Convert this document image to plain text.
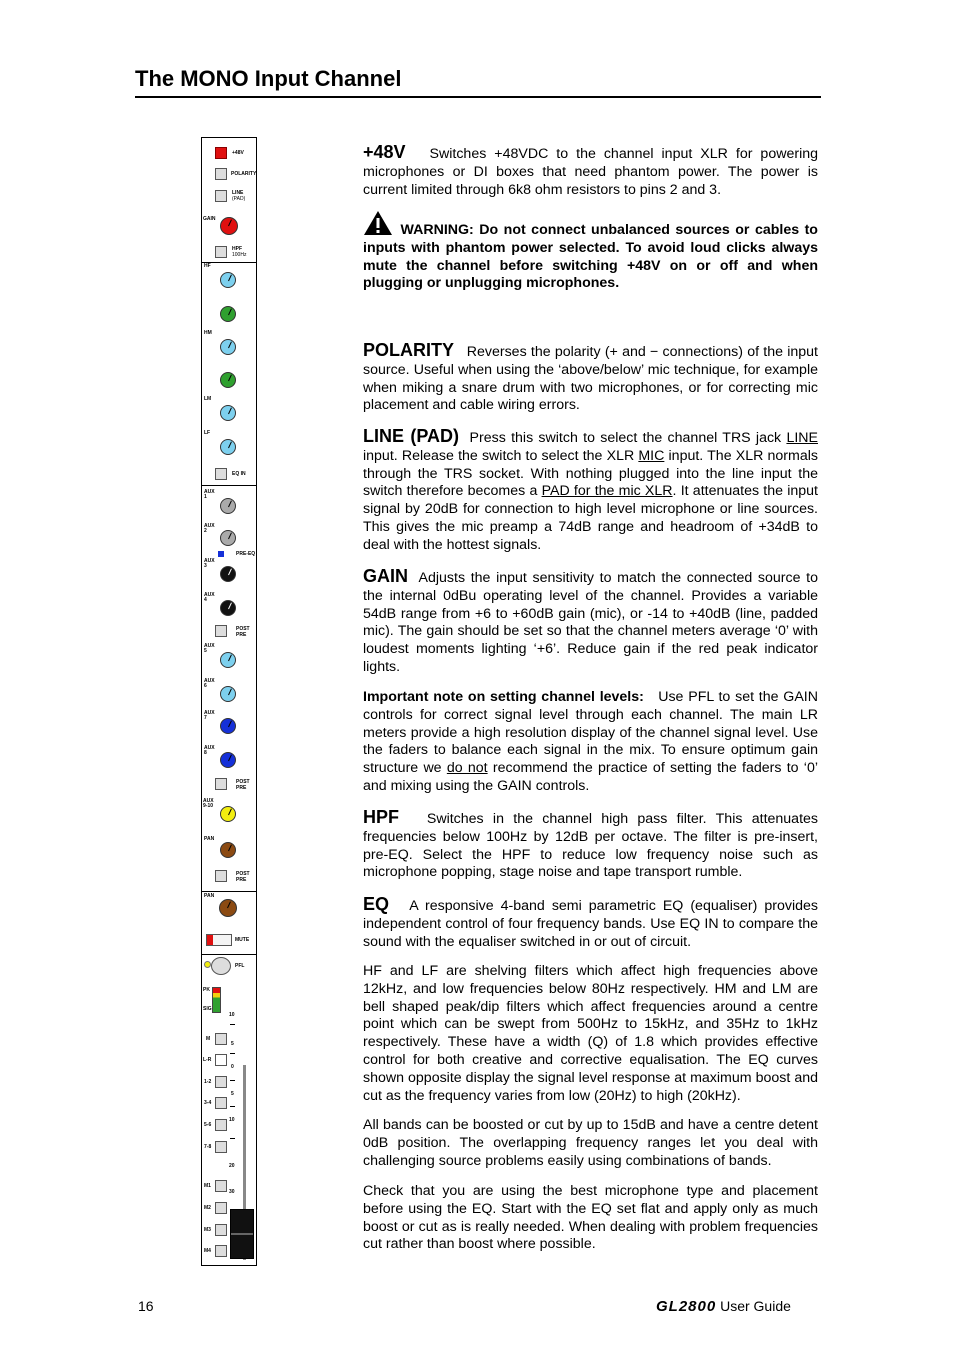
The MONO Input Channel
+48V
POLARITY
LINE
(PAD)
GAIN
HPF
100Hz
HF
HM
LM
LF
EQ IN
AUX 1
AUX 2
PRE-EQ
AUX 3
AUX 4
POST
PRE
AUX 5
AUX 6
AUX 7
AUX 8
POST
PRE
AUX 9-10
PAN
POST
PRE
PAN
MUTE
PFL
PK
SIG
M
L-R
1-2
3-4
5-6
7-8
M1
M2
M3
M4
10
5
0
5
10
20
30

+48V Switches +48VDC to the channel input XLR for powering microphones or DI boxes that need phantom power. The power is current limited through 6k8 ohm resistors to pins 2 and 3.

WARNING: Do not connect unbalanced sources or cables to inputs with phantom power selected. To avoid loud clicks always mute the channel before switching +48V on or off and when plugging or unplugging microphones.

POLARITY Reverses the polarity (+ and − connections) of the input source. Useful when using the ‘above/below’ mic technique, for example when miking a snare drum with two microphones, or for correcting mic placement and cable wiring errors.

LINE (PAD) Press this switch to select the channel TRS jack LINE input. Release the switch to select the XLR MIC input. The XLR normals through the TRS socket. With nothing plugged into the line input the switch therefore becomes a PAD for the mic XLR. It attenuates the input signal by 20dB for connection to high level microphone or line sources. This gives the mic preamp a 74dB range and headroom of +34dB to deal with the hottest signals.

GAIN Adjusts the input sensitivity to match the connected source to the internal 0dBu operating level of the channel. Provides a variable 54dB range from +6 to +60dB gain (mic), or -14 to +40dB (line, padded mic). The gain should be set so that the channel meters average ‘0’ with loudest moments lighting ‘+6’. Reduce gain if the red peak indicator lights.

Important note on setting channel levels: Use PFL to set the GAIN controls for correct signal level through each channel. The main LR meters provide a high resolution display of the channel signal level. Use the faders to balance each signal in the mix. To ensure optimum gain structure we do not recommend the practice of setting the faders to ‘0’ and mixing using the GAIN controls.

HPF Switches in the channel high pass filter. This attenuates frequencies below 100Hz by 12dB per octave. The filter is pre-insert, pre-EQ. Select the HPF to reduce low frequency noise such as microphone popping, stage noise and tape transport rumble.

EQ A responsive 4-band semi parametric EQ (equaliser) provides independent control of four frequency bands. Use EQ IN to compare the sound with the equaliser switched in or out of circuit.

HF and LF are shelving filters which affect high frequencies above 12kHz, and low frequencies below 80Hz respectively. HM and LM are bell shaped peak/dip filters which affect frequencies around a centre point which can be swept from 500Hz to 15kHz, and 35Hz to 1kHz respectively. These have a width (Q) of 1.8 which provides effective control for both creative and corrective equalisation. The EQ curves shown opposite display the signal level response at maximum boost and cut as the frequency varies from low (20Hz) to high (20kHz).

All bands can be boosted or cut by up to 15dB and have a centre detent 0dB position. The overlapping frequency ranges let you deal with challenging source problems easily using combinations of bands.

Check that you are using the best microphone type and placement before using the EQ. Start with the EQ set flat and apply only as much boost or cut as is really needed. When dealing with problem frequencies cut rather than boost where possible.

16	GL2800 User Guide
